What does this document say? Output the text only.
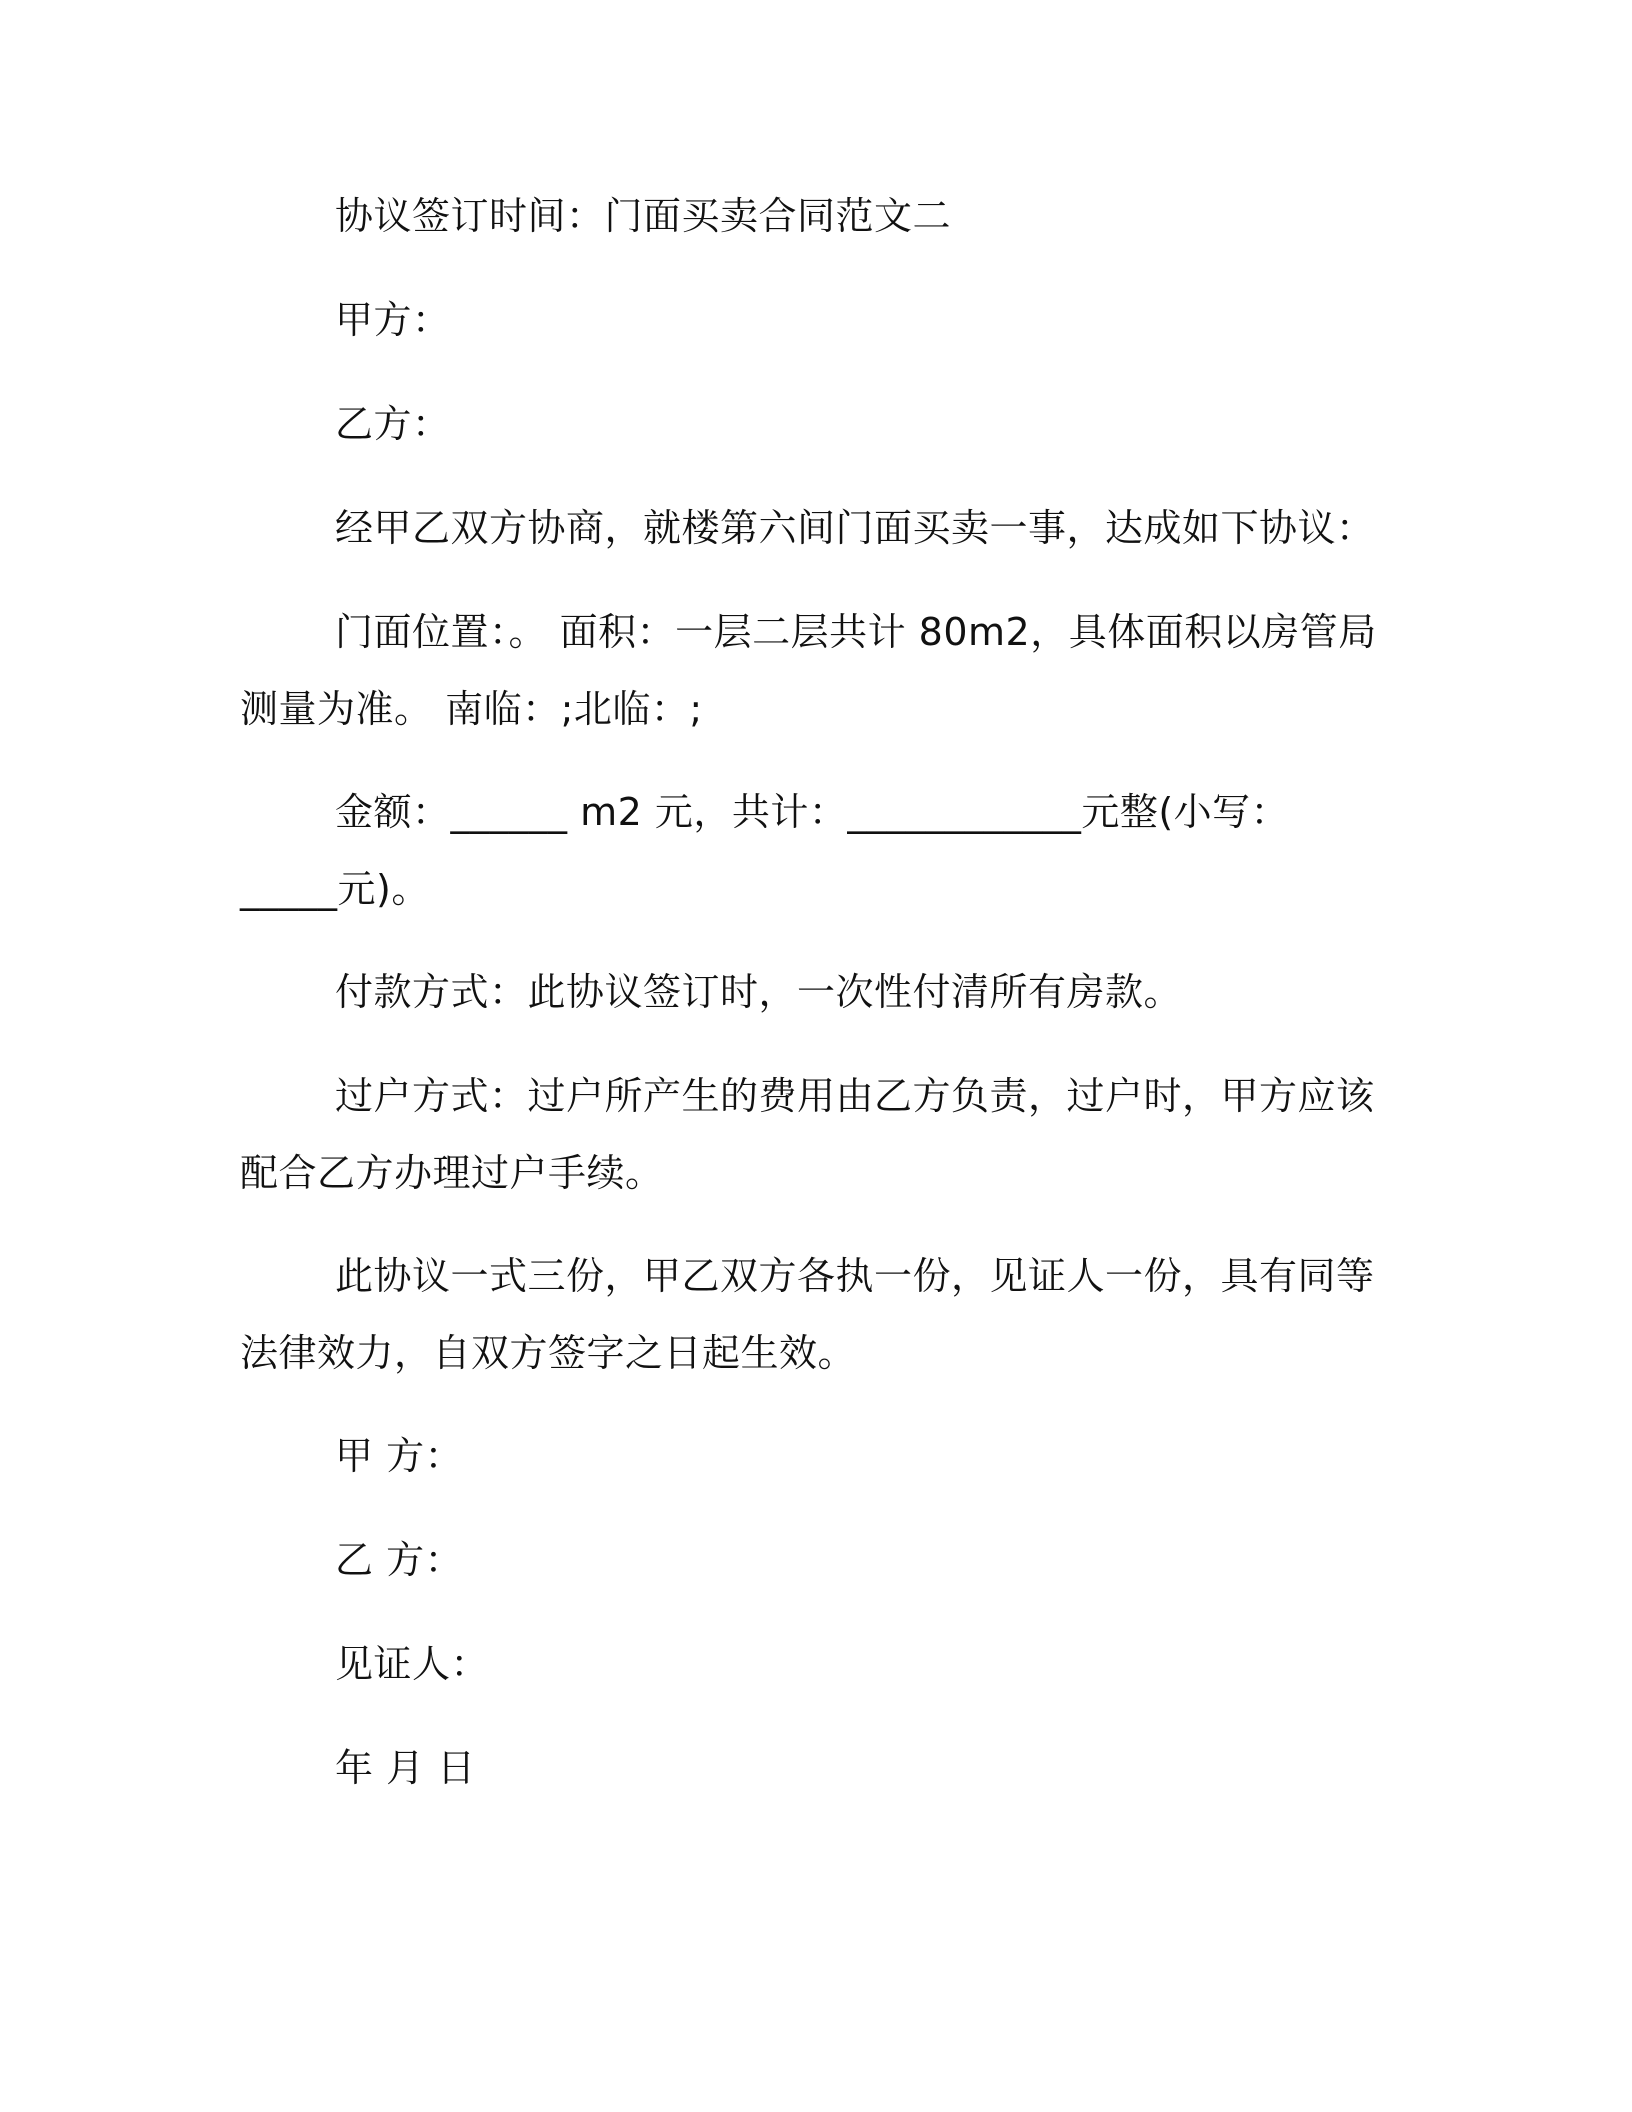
协议签订时间：门面买卖合同范文二

甲方：

乙方：

经甲乙双方协商，就楼第六间门面买卖一事，达成如下协议：

门面位置：。 面积：一层二层共计 80m2，具体面积以房管局测量为准。 南临：;北临：;

金额：______ m2 元，共计：____________元整(小写：_____元)。

付款方式：此协议签订时，一次性付清所有房款。

过户方式：过户所产生的费用由乙方负责，过户时，甲方应该配合乙方办理过户手续。

此协议一式三份，甲乙双方各执一份，见证人一份，具有同等法律效力，自双方签字之日起生效。

甲 方：

乙 方：

见证人：

年 月 日
